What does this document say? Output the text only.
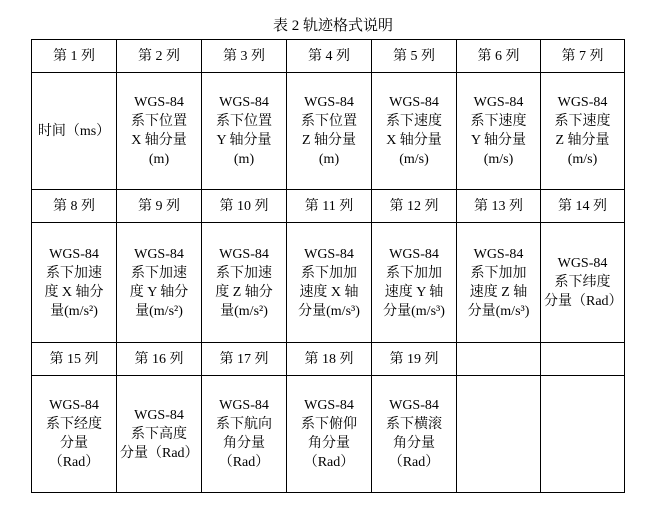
表 2 轨迹格式说明
第 1 列	第 2 列	第 3 列	第 4 列	第 5 列	第 6 列	第 7 列
时间（ms）	WGS-84
系下位置
X 轴分量
(m)	WGS-84
系下位置
Y 轴分量
(m)	WGS-84
系下位置
Z 轴分量
(m)	WGS-84
系下速度
X 轴分量
(m/s)	WGS-84
系下速度
Y 轴分量
(m/s)	WGS-84
系下速度
Z 轴分量
(m/s)
第 8 列	第 9 列	第 10 列	第 11 列	第 12 列	第 13 列	第 14 列
WGS-84
系下加速
度 X 轴分
量(m/s²)	WGS-84
系下加速
度 Y 轴分
量(m/s²)	WGS-84
系下加速
度 Z 轴分
量(m/s²)	WGS-84
系下加加
速度 X 轴
分量(m/s³)	WGS-84
系下加加
速度 Y 轴
分量(m/s³)	WGS-84
系下加加
速度 Z 轴
分量(m/s³)	WGS-84
系下纬度
分量（Rad）
第 15 列	第 16 列	第 17 列	第 18 列	第 19 列		
WGS-84
系下经度
分量
（Rad）	WGS-84
系下高度
分量（Rad）	WGS-84
系下航向
角分量
（Rad）	WGS-84
系下俯仰
角分量
（Rad）	WGS-84
系下横滚
角分量
（Rad）		
